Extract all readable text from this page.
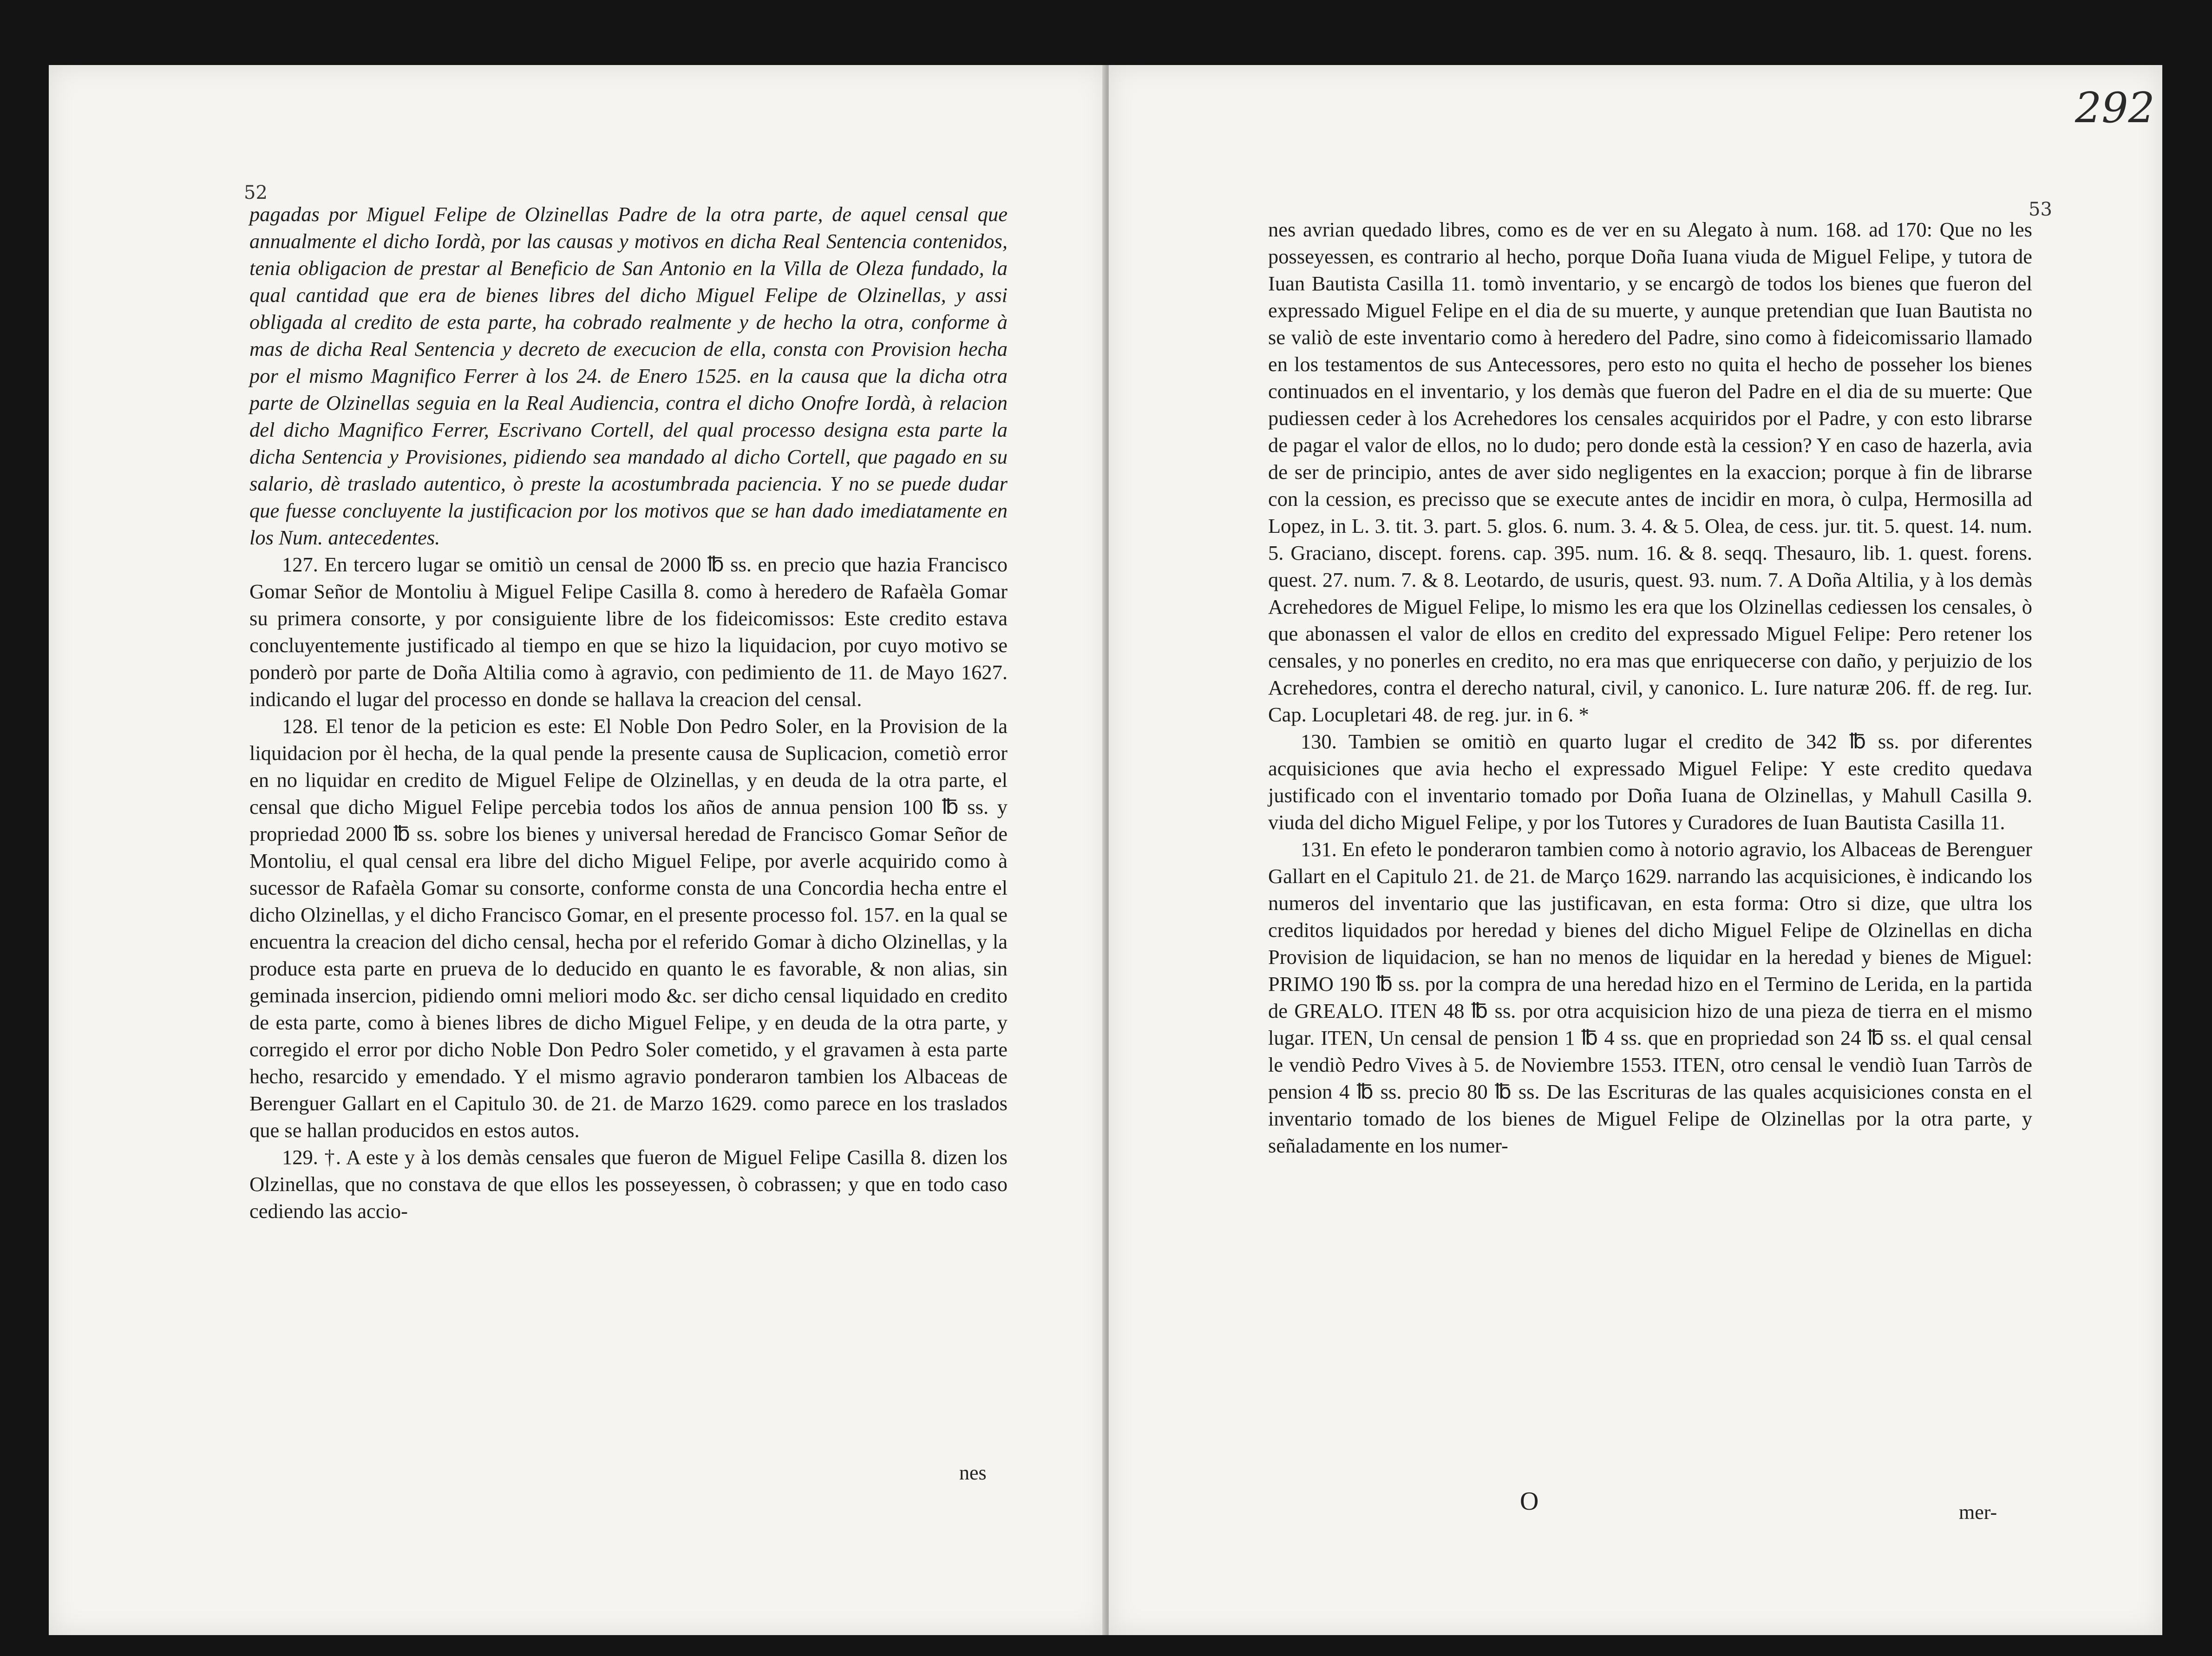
52

pagadas por Miguel Felipe de Olzinellas Padre de la otra parte, de aquel censal que annualmente el dicho Iordà, por las causas y motivos en dicha Real Sentencia contenidos, tenia obligacion de prestar al Beneficio de San Antonio en la Villa de Oleza fundado, la qual cantidad que era de bienes libres del dicho Miguel Felipe de Olzinellas, y assi obligada al credito de esta parte, ha cobrado realmente y de hecho la otra, conforme à mas de dicha Real Sentencia y decreto de execucion de ella, consta con Provision hecha por el mismo Magnifico Ferrer à los 24. de Enero 1525. en la causa que la dicha otra parte de Olzinellas seguia en la Real Audiencia, contra el dicho Onofre Iordà, à relacion del dicho Magnifico Ferrer, Escrivano Cortell, del qual processo designa esta parte la dicha Sentencia y Provisiones, pidiendo sea mandado al dicho Cortell, que pagado en su salario, dè traslado autentico, ò preste la acostumbrada paciencia. Y no se puede dudar que fuesse concluyente la justificacion por los motivos que se han dado imediatamente en los Num. antecedentes.

127. En tercero lugar se omitiò un censal de 2000 ℔ ss. en precio que hazia Francisco Gomar Señor de Montoliu à Miguel Felipe Casilla 8. como à heredero de Rafaèla Gomar su primera consorte, y por consiguiente libre de los fideicomissos: Este credito estava concluyentemente justificado al tiempo en que se hizo la liquidacion, por cuyo motivo se ponderò por parte de Doña Altilia como à agravio, con pedimiento de 11. de Mayo 1627. indicando el lugar del processo en donde se hallava la creacion del censal.

128. El tenor de la peticion es este: El Noble Don Pedro Soler, en la Provision de la liquidacion por èl hecha, de la qual pende la presente causa de Suplicacion, cometiò error en no liquidar en credito de Miguel Felipe de Olzinellas, y en deuda de la otra parte, el censal que dicho Miguel Felipe percebia todos los años de annua pension 100 ℔ ss. y propriedad 2000 ℔ ss. sobre los bienes y universal heredad de Francisco Gomar Señor de Montoliu, el qual censal era libre del dicho Miguel Felipe, por averle acquirido como à sucessor de Rafaèla Gomar su consorte, conforme consta de una Concordia hecha entre el dicho Olzinellas, y el dicho Francisco Gomar, en el presente processo fol. 157. en la qual se encuentra la creacion del dicho censal, hecha por el referido Gomar à dicho Olzinellas, y la produce esta parte en prueva de lo deducido en quanto le es favorable, & non alias, sin geminada insercion, pidiendo omni meliori modo &c. ser dicho censal liquidado en credito de esta parte, como à bienes libres de dicho Miguel Felipe, y en deuda de la otra parte, y corregido el error por dicho Noble Don Pedro Soler cometido, y el gravamen à esta parte hecho, resarcido y emendado. Y el mismo agravio ponderaron tambien los Albaceas de Berenguer Gallart en el Capitulo 30. de 21. de Marzo 1629. como parece en los traslados que se hallan producidos en estos autos.

129. †. A este y à los demàs censales que fueron de Miguel Felipe Casilla 8. dizen los Olzinellas, que no constava de que ellos les posseyessen, ò cobrassen; y que en todo caso cediendo las accio-

nes
292
53

nes avrian quedado libres, como es de ver en su Alegato à num. 168. ad 170: Que no les posseyessen, es contrario al hecho, porque Doña Iuana viuda de Miguel Felipe, y tutora de Iuan Bautista Casilla 11. tomò inventario, y se encargò de todos los bienes que fueron del expressado Miguel Felipe en el dia de su muerte, y aunque pretendian que Iuan Bautista no se valiò de este inventario como à heredero del Padre, sino como à fideicomissario llamado en los testamentos de sus Antecessores, pero esto no quita el hecho de posseher los bienes continuados en el inventario, y los demàs que fueron del Padre en el dia de su muerte: Que pudiessen ceder à los Acrehedores los censales acquiridos por el Padre, y con esto librarse de pagar el valor de ellos, no lo dudo; pero donde està la cession? Y en caso de hazerla, avia de ser de principio, antes de aver sido negligentes en la exaccion; porque à fin de librarse con la cession, es precisso que se execute antes de incidir en mora, ò culpa, Hermosilla ad Lopez, in L. 3. tit. 3. part. 5. glos. 6. num. 3. 4. & 5. Olea, de cess. jur. tit. 5. quest. 14. num. 5. Graciano, discept. forens. cap. 395. num. 16. & 8. seqq. Thesauro, lib. 1. quest. forens. quest. 27. num. 7. & 8. Leotardo, de usuris, quest. 93. num. 7. A Doña Altilia, y à los demàs Acrehedores de Miguel Felipe, lo mismo les era que los Olzinellas cediessen los censales, ò que abonassen el valor de ellos en credito del expressado Miguel Felipe: Pero retener los censales, y no ponerles en credito, no era mas que enriquecerse con daño, y perjuizio de los Acrehedores, contra el derecho natural, civil, y canonico. L. Iure naturæ 206. ff. de reg. Iur. Cap. Locupletari 48. de reg. jur. in 6. *

130. Tambien se omitiò en quarto lugar el credito de 342 ℔ ss. por diferentes acquisiciones que avia hecho el expressado Miguel Felipe: Y este credito quedava justificado con el inventario tomado por Doña Iuana de Olzinellas, y Mahull Casilla 9. viuda del dicho Miguel Felipe, y por los Tutores y Curadores de Iuan Bautista Casilla 11.

131. En efeto le ponderaron tambien como à notorio agravio, los Albaceas de Berenguer Gallart en el Capitulo 21. de 21. de Março 1629. narrando las acquisiciones, è indicando los numeros del inventario que las justificavan, en esta forma: Otro si dize, que ultra los creditos liquidados por heredad y bienes del dicho Miguel Felipe de Olzinellas en dicha Provision de liquidacion, se han no menos de liquidar en la heredad y bienes de Miguel: PRIMO 190 ℔ ss. por la compra de una heredad hizo en el Termino de Lerida, en la partida de GREALO. ITEN 48 ℔ ss. por otra acquisicion hizo de una pieza de tierra en el mismo lugar. ITEN, Un censal de pension 1 ℔ 4 ss. que en propriedad son 24 ℔ ss. el qual censal le vendiò Pedro Vives à 5. de Noviembre 1553. ITEN, otro censal le vendiò Iuan Tarròs de pension 4 ℔ ss. precio 80 ℔ ss. De las Escrituras de las quales acquisiciones consta en el inventario tomado de los bienes de Miguel Felipe de Olzinellas por la otra parte, y señaladamente en los numer-

O	mer-
